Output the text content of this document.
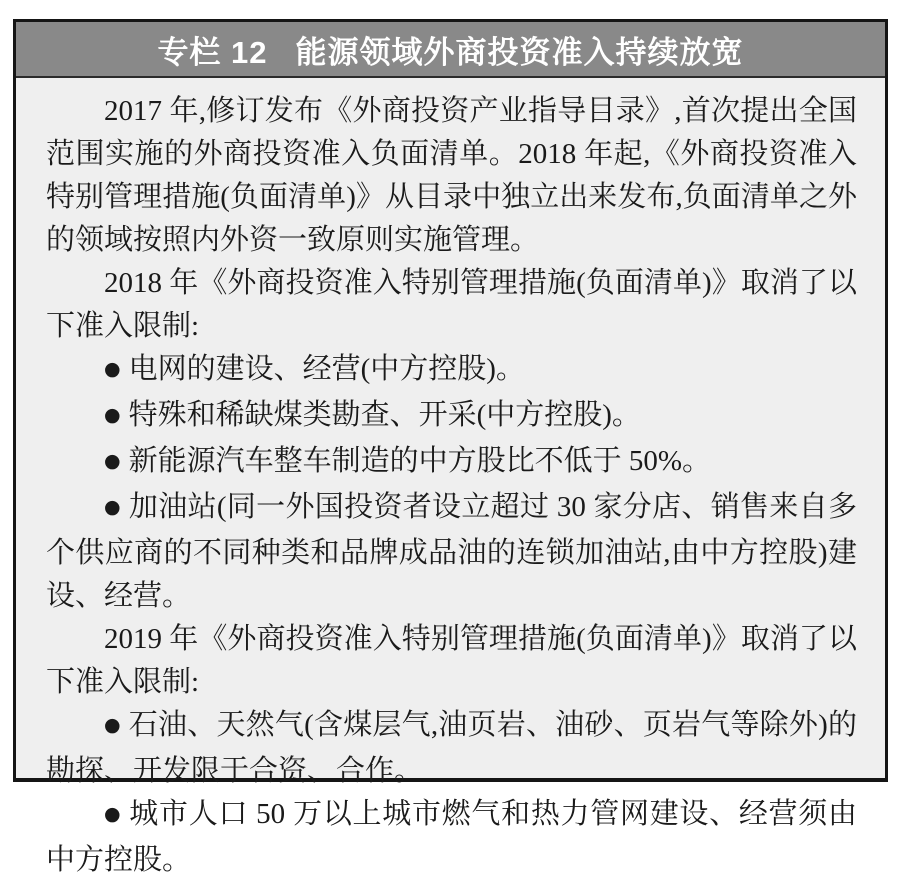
专栏 12 能源领域外商投资准入持续放宽

2017 年,修订发布《外商投资产业指导目录》,首次提出全国范围实施的外商投资准入负面清单。2018 年起,《外商投资准入特别管理措施(负面清单)》从目录中独立出来发布,负面清单之外的领域按照内外资一致原则实施管理。

2018 年《外商投资准入特别管理措施(负面清单)》取消了以下准入限制:

● 电网的建设、经营(中方控股)。

● 特殊和稀缺煤类勘查、开采(中方控股)。

● 新能源汽车整车制造的中方股比不低于 50%。

● 加油站(同一外国投资者设立超过 30 家分店、销售来自多个供应商的不同种类和品牌成品油的连锁加油站,由中方控股)建设、经营。

2019 年《外商投资准入特别管理措施(负面清单)》取消了以下准入限制:

● 石油、天然气(含煤层气,油页岩、油砂、页岩气等除外)的勘探、开发限于合资、合作。

● 城市人口 50 万以上城市燃气和热力管网建设、经营须由中方控股。
